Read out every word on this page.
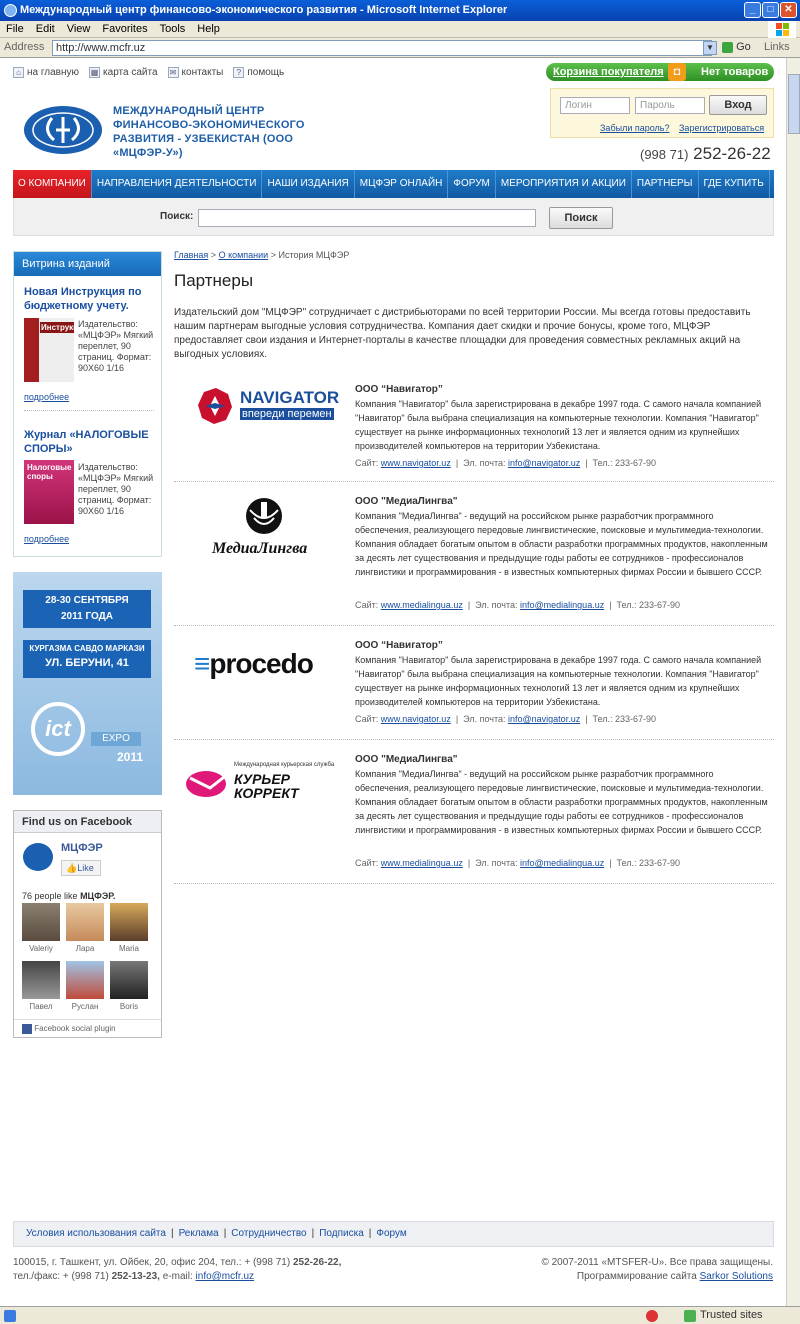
Международный центр финансово-экономического развития - Microsoft Internet Explorer	_	□	✕
File Edit View Favorites Tools Help
Address	http://www.mcfr.uz	▼	Go Links
⌂ на главную ▦ карта сайта ✉ контакты	? помощь	Корзина покупателя ◘	Нет товаров
Логин	Пароль	Вход
Забыли пароль? Зарегистрироваться
МЕЖДУНАРОДНЫЙ ЦЕНТР
ФИНАНСОВО-ЭКОНОМИЧЕСКОГО
РАЗВИТИЯ - УЗБЕКИСТАН (ООО «МЦФЭР-У»)	(998 71) 252-26-22
О КОМПАНИИ	НАПРАВЛЕНИЯ ДЕЯТЕЛЬНОСТИ	НАШИ ИЗДАНИЯ	МЦФЭР ОНЛАЙН	ФОРУМ	МЕРОПРИЯТИЯ И АКЦИИ	ПАРТНЕРЫ	ГДЕ КУПИТЬ
Поиск:	Поиск
Витрина изданий
Новая Инструкция по бюджетному учету.
Инструкция
Издательство: «МЦФЭР» Мягкий переплет, 90 страниц. Формат: 90Х60 1/16
подробнее
Журнал «НАЛОГОВЫЕ СПОРЫ»
Налоговые споры
Издательство: «МЦФЭР» Мягкий переплет, 90 страниц. Формат: 90Х60 1/16
подробнее
28-30 СЕНТЯБРЯ
2011 ГОДА
КУРГАЗМА САВДО МАРКАЗИ
УЛ. БЕРУНИ, 41
ict	EXPO
2011
Find us on Facebook
МЦФЭР
👍Like
76 people like МЦФЭР.
Valeriy	Лара	Maria
Павел	Руслан	Boris
Facebook social plugin
Главная > О компании > История МЦФЭР
Партнеры
Издательский дом "МЦФЭР" сотрудничает с дистрибьюторами по всей территории России. Мы всегда готовы предоставить нашим партнерам выгодные условия сотрудничества. Компания дает скидки и прочие бонусы, кроме того, МЦФЭР предоставляет свои издания и Интернет-порталы в качестве площадки для проведения совместных рекламных акций на выгодных условиях.
NAVIGATOR
впереди перемен
ООО “Навигатор”
Компания "Навигатор" была зарегистрирована в декабре 1997 года. С самого начала компанией "Навигатор" была выбрана специализация на компьютерные технологии. Компания "Навигатор" существует на рынке информационных технологий 13 лет и является одним из крупнейших производителей компьютеров на территории Узбекистана.
Сайт: www.navigator.uz  |  Эл. почта: info@navigator.uz  |  Тел.: 233-67-90
МедиаЛингва
ООО "МедиаЛингва"
Компания "МедиаЛингва" - ведущий на российском рынке разработчик программного обеспечения, реализующего передовые лингвистические, поисковые и мультимедиа-технологии. Компания обладает богатым опытом в области разработки программных продуктов, накопленным за десять лет существования и предыдущие годы работы ее сотрудников - профессионалов лингвистики и программирования - в известных компьютерных фирмах России и бывшего СССР.
Сайт: www.medialingua.uz  |  Эл. почта: info@medialingua.uz  |  Тел.: 233-67-90
≡procedo
ООО “Навигатор”
Компания "Навигатор" была зарегистрирована в декабре 1997 года. С самого начала компанией "Навигатор" была выбрана специализация на компьютерные технологии. Компания "Навигатор" существует на рынке информационных технологий 13 лет и является одним из крупнейших производителей компьютеров на территории Узбекистана.
Сайт: www.navigator.uz  |  Эл. почта: info@navigator.uz  |  Тел.: 233-67-90
Международная курьерская служба
КУРЬЕР КОРРЕКТ
ООО "МедиаЛингва"
Компания "МедиаЛингва" - ведущий на российском рынке разработчик программного обеспечения, реализующего передовые лингвистические, поисковые и мультимедиа-технологии. Компания обладает богатым опытом в области разработки программных продуктов, накопленным за десять лет существования и предыдущие годы работы ее сотрудников - профессионалов лингвистики и программирования - в известных компьютерных фирмах России и бывшего СССР.
Сайт: www.medialingua.uz  |  Эл. почта: info@medialingua.uz  |  Тел.: 233-67-90
Условия использования сайта | Реклама | Сотрудничество | Подписка | Форум
100015, г. Ташкент, ул. Ойбек, 20, офис 204, тел.: + (998 71) 252-26-22,
тел./факс: + (998 71) 252-13-23, e-mail: info@mcfr.uz
© 2007-2011 «MTSFER-U». Все права защищены.
Программирование сайта Sarkor Solutions
Trusted sites
